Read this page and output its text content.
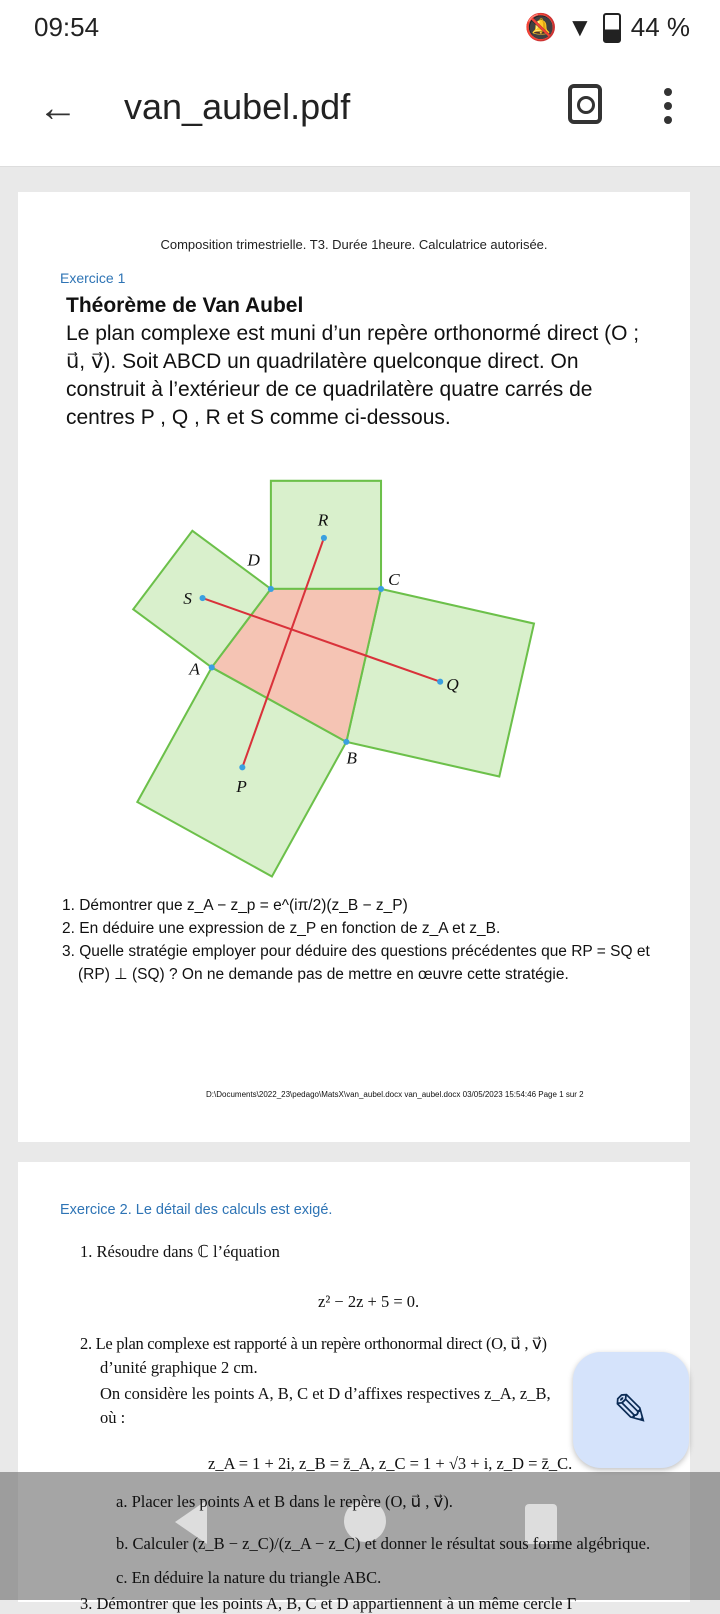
09:54	🔕 ▼ 44 %
← van_aubel.pdf
Composition trimestrielle. T3. Durée 1heure. Calculatrice autorisée.
Exercice 1
Théorème de Van Aubel
Le plan complexe est muni d’un repère orthonormé direct (O ; u⃗, v⃗). Soit ABCD un quadrilatère quelconque direct. On construit à l’extérieur de ce quadrilatère quatre carrés de centres P , Q , R et S comme ci-dessous.
A
B
C
D
P
Q
R
S
1. Démontrer que z_A − z_p = e^(iπ/2)(z_B − z_P)
2. En déduire une expression de z_P en fonction de z_A et z_B.
3. Quelle stratégie employer pour déduire des questions précédentes que RP = SQ et (RP) ⊥ (SQ) ? On ne demande pas de mettre en œuvre cette stratégie.
D:\Documents\2022_23\pedago\MatsX\van_aubel.docx van_aubel.docx 03/05/2023 15:54:46 Page 1 sur 2
Exercice 2. Le détail des calculs est exigé.
1. Résoudre dans ℂ l’équation
z² − 2z + 5 = 0.
2. Le plan complexe est rapporté à un repère orthonormal direct (O, u⃗ , v⃗)
d’unité graphique 2 cm.
On considère les points A, B, C et D d’affixes respectives z_A, z_B,
où :
z_A = 1 + 2i, z_B = z̄_A, z_C = 1 + √3 + i, z_D = z̄_C.
a. Placer les points A et B dans le repère (O, u⃗ , v⃗).
b. Calculer (z_B − z_C)/(z_A − z_C) et donner le résultat sous forme algébrique.
c. En déduire la nature du triangle ABC.
3. Démontrer que les points A, B, C et D appartiennent à un même cercle Γ
✎
